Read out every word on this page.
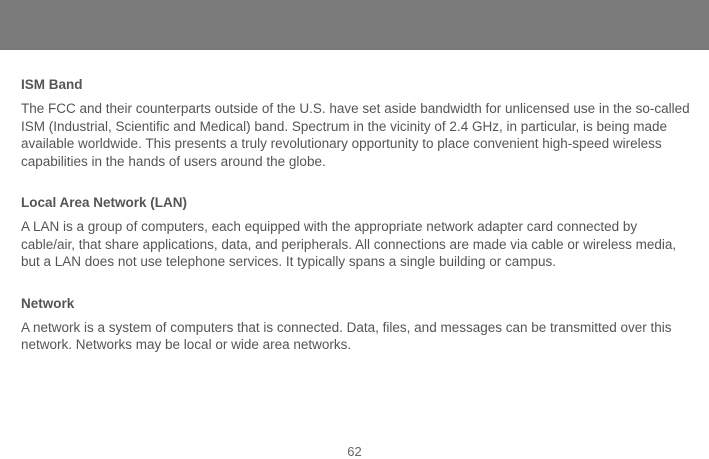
ISM Band

The FCC and their counterparts outside of the U.S. have set aside bandwidth for unlicensed use in the so-called ISM (Industrial, Scientific and Medical) band. Spectrum in the vicinity of 2.4 GHz, in particular, is being made available worldwide. This presents a truly revolutionary opportunity to place convenient high-speed wireless capabilities in the hands of users around the globe.

Local Area Network (LAN)

A LAN is a group of computers, each equipped with the appropriate network adapter card connected by cable/air, that share applications, data, and peripherals. All connections are made via cable or wireless media, but a LAN does not use telephone services. It typically spans a single building or campus.

Network

A network is a system of computers that is connected. Data, files, and messages can be transmitted over this network. Networks may be local or wide area networks.

62
